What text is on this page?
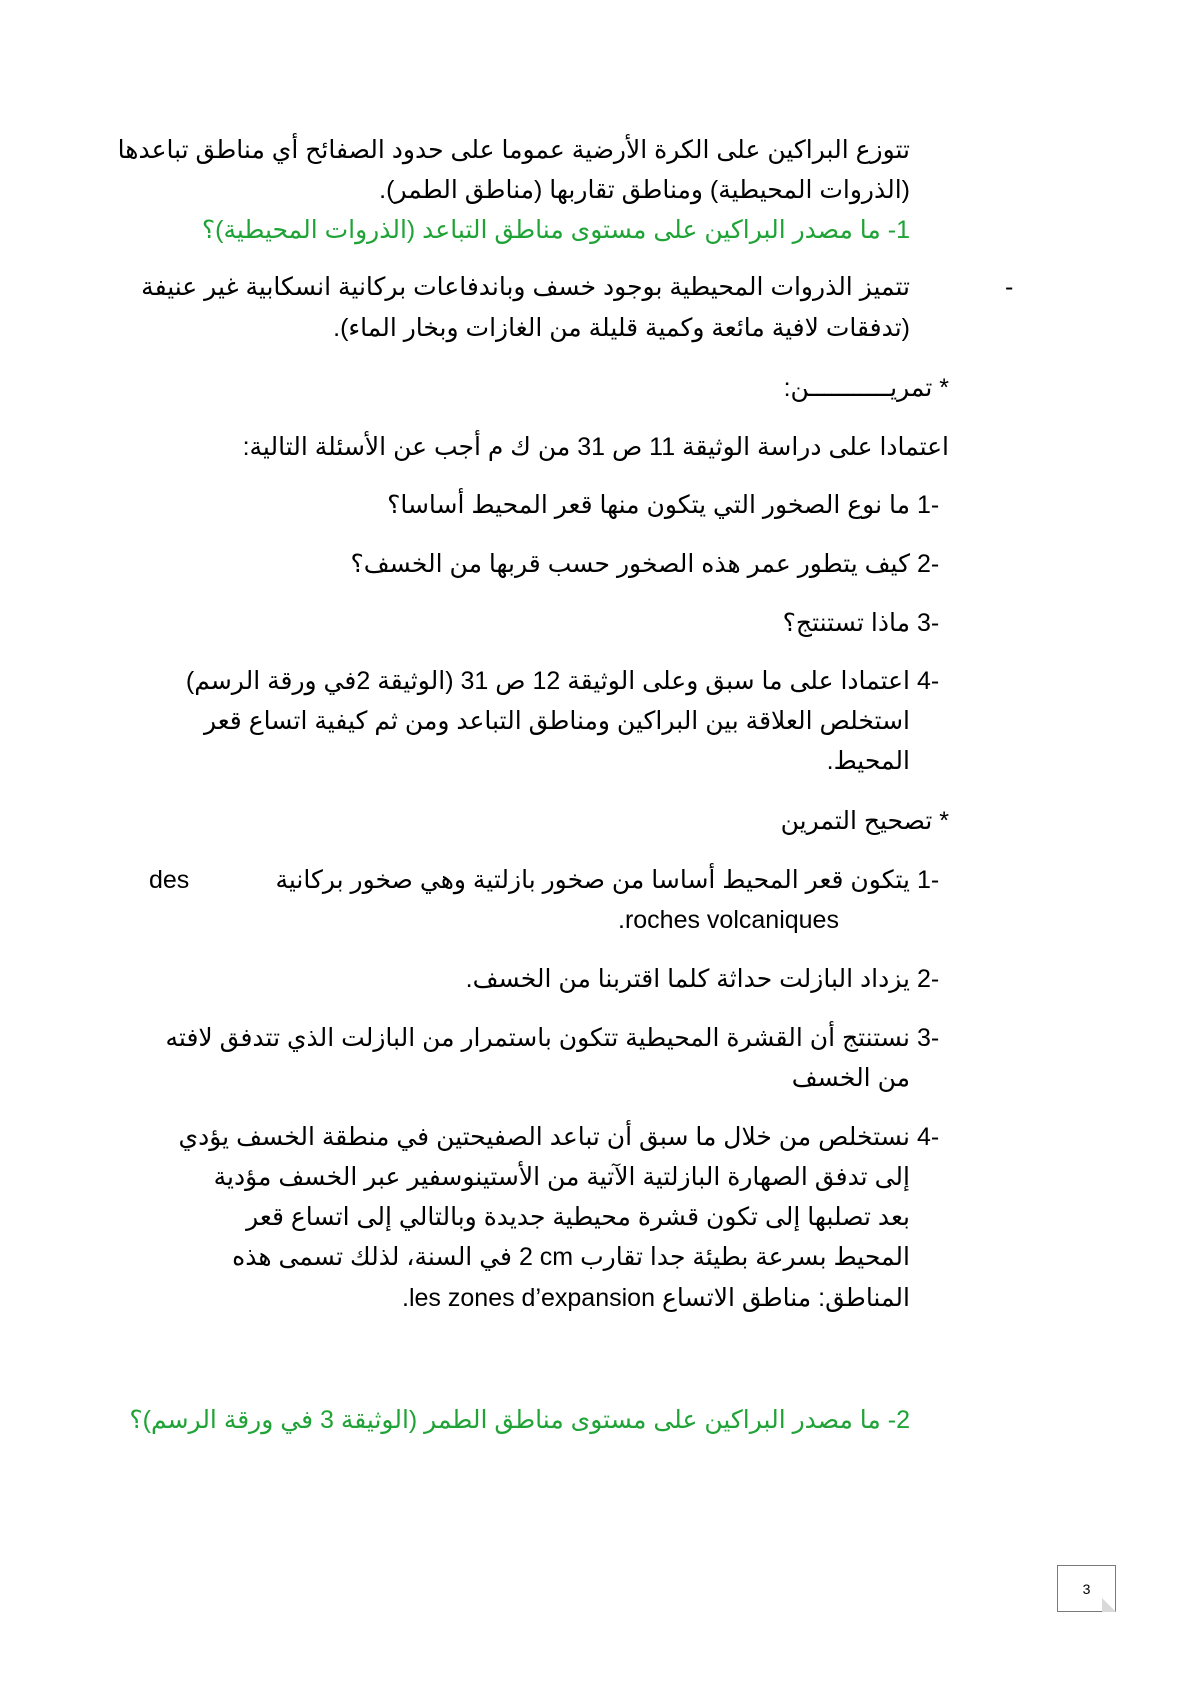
تتوزع البراكين على الكرة الأرضية عموما على حدود الصفائح أي مناطق تباعدها
(الذروات المحيطية) ومناطق تقاربها (مناطق الطمر).
1- ما مصدر البراكين على مستوى مناطق التباعد (الذروات المحيطية)؟
-
تتميز الذروات المحيطية بوجود خسف وباندفاعات بركانية انسكابية غير عنيفة
(تدفقات لافية مائعة وكمية قليلة من الغازات وبخار الماء).
* تمريـــــــــــن:
اعتمادا على دراسة الوثيقة 11 ص 31 من ك م أجب عن الأسئلة التالية:
1-
ما نوع الصخور التي يتكون منها قعر المحيط أساسا؟
2-
كيف يتطور عمر هذه الصخور حسب قربها من الخسف؟
3-
ماذا تستنتج؟
4-
اعتمادا على ما سبق وعلى الوثيقة 12 ص 31 (الوثيقة 2في ورقة الرسم)
استخلص العلاقة بين البراكين ومناطق التباعد ومن ثم كيفية اتساع قعر
المحيط.
* تصحيح التمرين
1-
يتكون قعر المحيط أساسا من صخور بازلتية وهي صخور بركانية
des
.roches volcaniques
2-
يزداد البازلت حداثة كلما اقتربنا من الخسف.
3-
نستنتج أن القشرة المحيطية تتكون باستمرار من البازلت الذي تتدفق لافته
من الخسف
4-
نستخلص من خلال ما سبق أن تباعد الصفيحتين في منطقة الخسف يؤدي
إلى تدفق الصهارة البازلتية الآتية من الأستينوسفير عبر الخسف مؤدية
بعد تصلبها إلى تكون قشرة محيطية جديدة وبالتالي إلى اتساع قعر
المحيط بسرعة بطيئة جدا تقارب 2 cm في السنة، لذلك تسمى هذه
المناطق: مناطق الاتساع .les zones d’expansion
2- ما مصدر البراكين على مستوى مناطق الطمر (الوثيقة 3 في ورقة الرسم)؟
3
